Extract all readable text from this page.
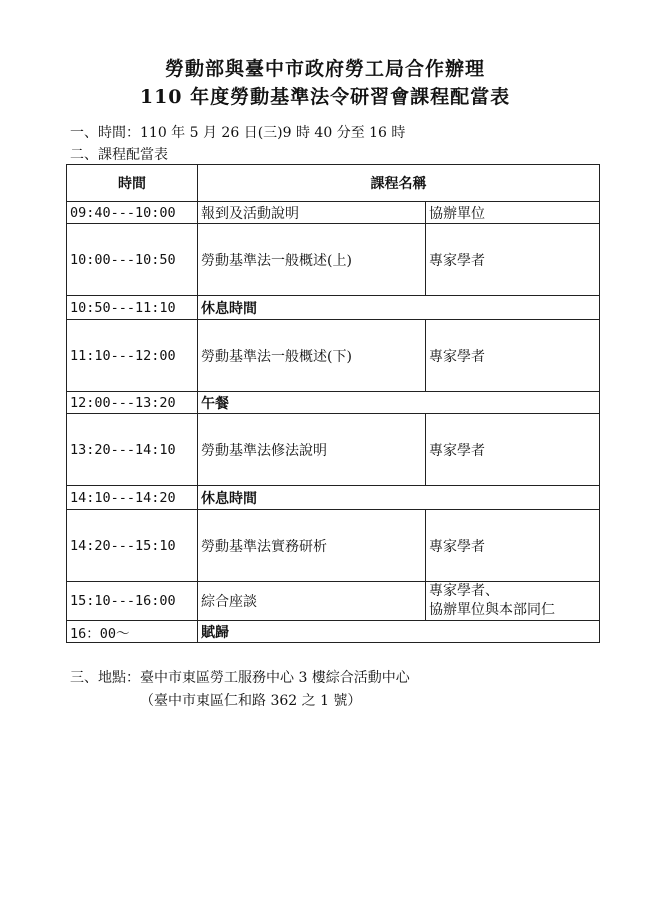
勞動部與臺中市政府勞工局合作辦理
110 年度勞動基準法令研習會課程配當表
一、時間：110 年 5 月 26 日(三)9 時 40 分至 16 時
二、課程配當表
時間	課程名稱	
09:40---10:00	報到及活動說明	協辦單位
10:00---10:50	勞動基準法一般概述(上)	專家學者
10:50---11:10	休息時間	
11:10---12:00	勞動基準法一般概述(下)	專家學者
12:00---13:20	午餐	
13:20---14:10	勞動基準法修法說明	專家學者
14:10---14:20	休息時間	
14:20---15:10	勞動基準法實務研析	專家學者
15:10---16:00	綜合座談	專家學者、
協辦單位與本部同仁

16：00～	賦歸	
三、地點：臺中市東區勞工服務中心 3 樓綜合活動中心
（臺中市東區仁和路 362 之 1 號）
